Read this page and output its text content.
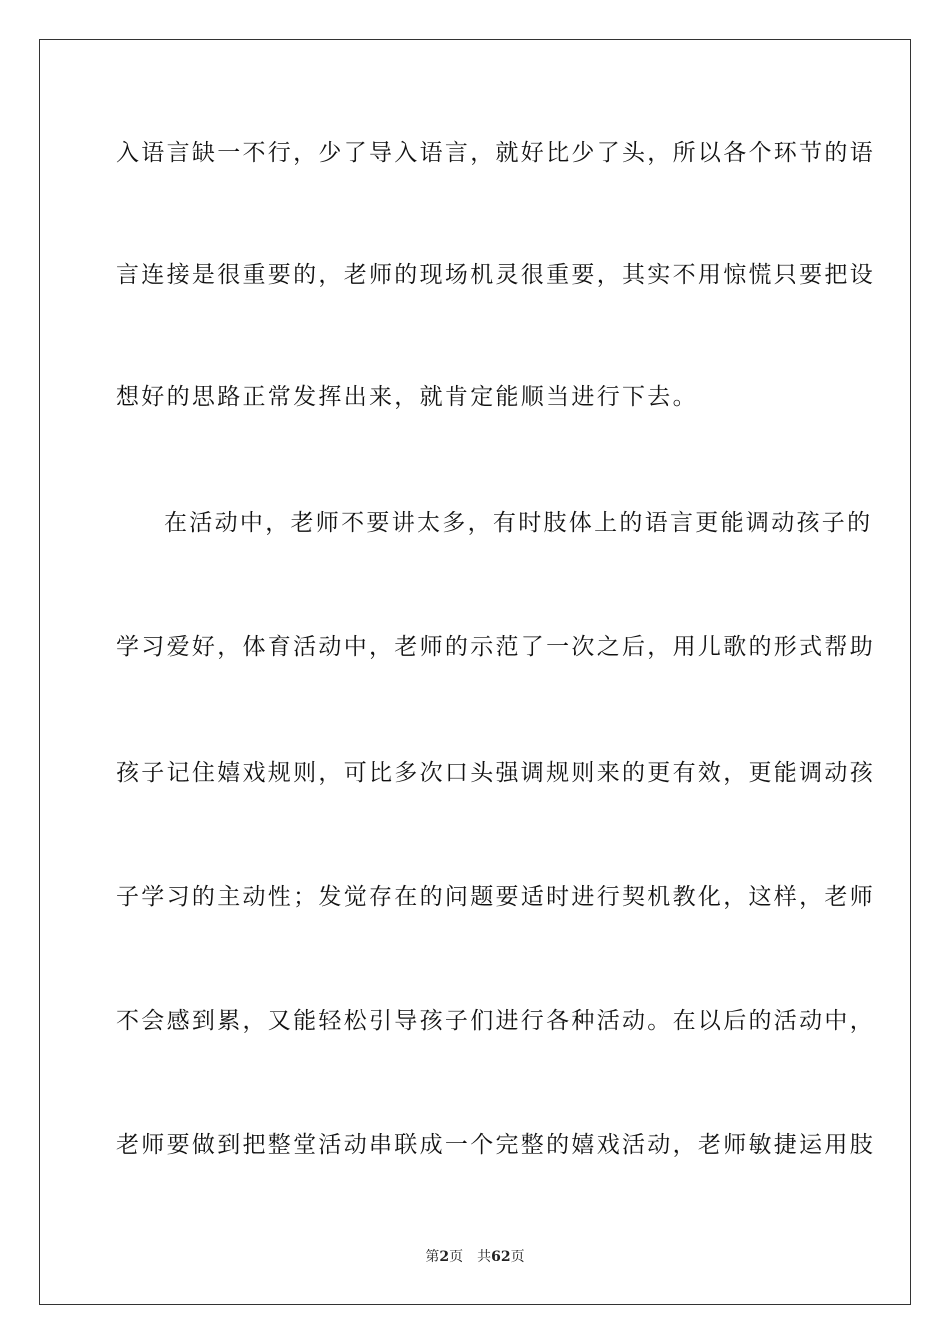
入语言缺一不行，少了导入语言，就好比少了头，所以各个环节的语
言连接是很重要的，老师的现场机灵很重要，其实不用惊慌只要把设
想好的思路正常发挥出来，就肯定能顺当进行下去。
在活动中，老师不要讲太多，有时肢体上的语言更能调动孩子的
学习爱好，体育活动中，老师的示范了一次之后，用儿歌的形式帮助
孩子记住嬉戏规则，可比多次口头强调规则来的更有效，更能调动孩
子学习的主动性；发觉存在的问题要适时进行契机教化，这样，老师
不会感到累，又能轻松引导孩子们进行各种活动。在以后的活动中，
老师要做到把整堂活动串联成一个完整的嬉戏活动，老师敏捷运用肢
第2页 共62页
